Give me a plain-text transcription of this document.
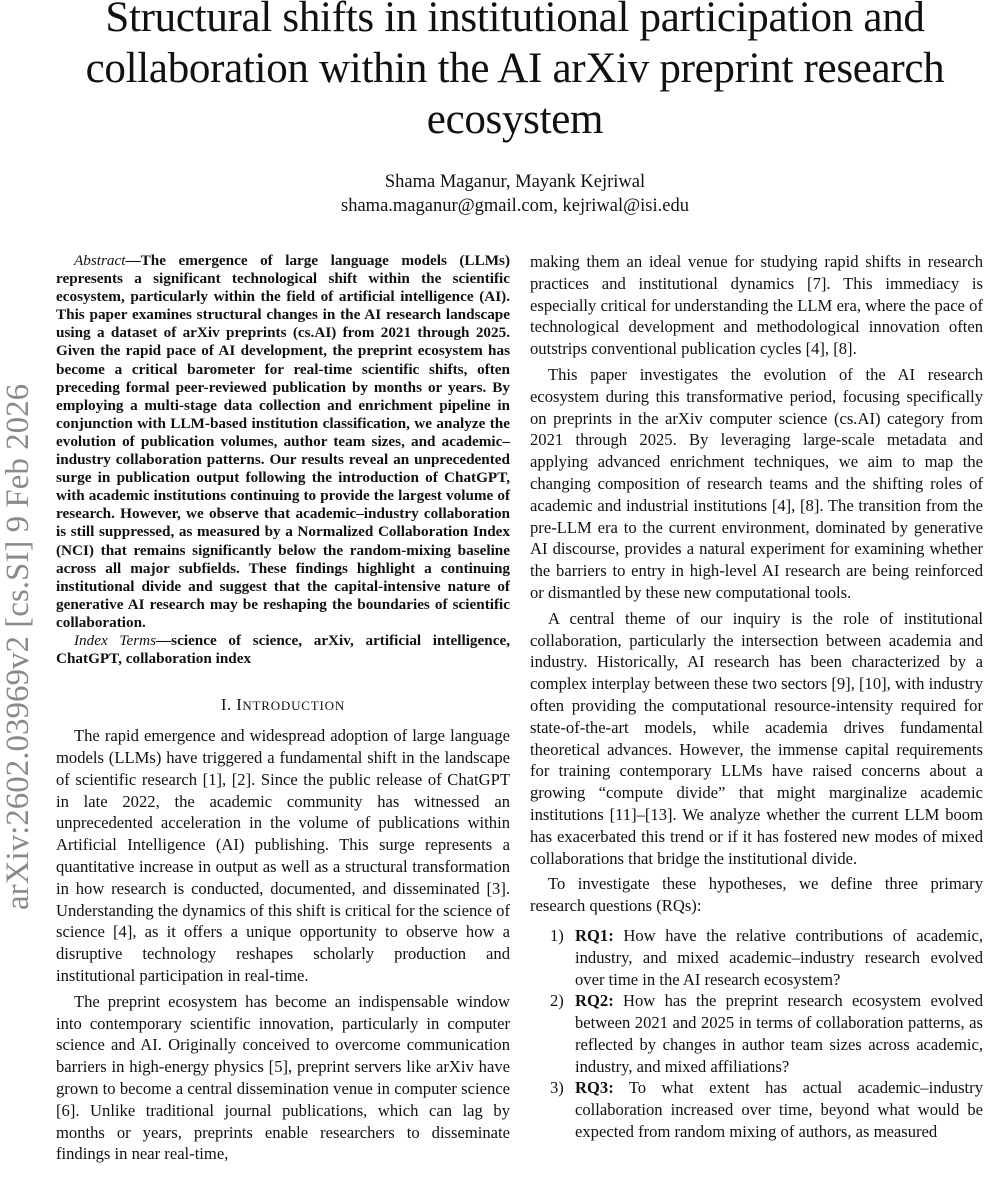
Structural shifts in institutional participation and collaboration within the AI arXiv preprint research ecosystem
Shama Maganur, Mayank Kejriwal
shama.maganur@gmail.com, kejriwal@isi.edu
arXiv:2602.03969v2 [cs.SI] 9 Feb 2026

Abstract—The emergence of large language models (LLMs) represents a significant technological shift within the scientific ecosystem, particularly within the field of artificial intelligence (AI). This paper examines structural changes in the AI research landscape using a dataset of arXiv preprints (cs.AI) from 2021 through 2025. Given the rapid pace of AI development, the preprint ecosystem has become a critical barometer for real-time scientific shifts, often preceding formal peer-reviewed publication by months or years. By employing a multi-stage data collection and enrichment pipeline in conjunction with LLM-based institution classification, we analyze the evolution of publication volumes, author team sizes, and academic–industry collaboration patterns. Our results reveal an unprecedented surge in publication output following the introduction of ChatGPT, with academic institutions continuing to provide the largest volume of research. However, we observe that academic–industry collaboration is still suppressed, as measured by a Normalized Collaboration Index (NCI) that remains significantly below the random-mixing baseline across all major subfields. These findings highlight a continuing institutional divide and suggest that the capital-intensive nature of generative AI research may be reshaping the boundaries of scientific collaboration.

Index Terms—science of science, arXiv, artificial intelligence, ChatGPT, collaboration index

I. INTRODUCTION

The rapid emergence and widespread adoption of large language models (LLMs) have triggered a fundamental shift in the landscape of scientific research [1], [2]. Since the public release of ChatGPT in late 2022, the academic community has witnessed an unprecedented acceleration in the volume of publications within Artificial Intelligence (AI) publishing. This surge represents a quantitative increase in output as well as a structural transformation in how research is conducted, documented, and disseminated [3]. Understanding the dynamics of this shift is critical for the science of science [4], as it offers a unique opportunity to observe how a disruptive technology reshapes scholarly production and institutional participation in real-time.

The preprint ecosystem has become an indispensable window into contemporary scientific innovation, particularly in computer science and AI. Originally conceived to overcome communication barriers in high-energy physics [5], preprint servers like arXiv have grown to become a central dissemination venue in computer science [6]. Unlike traditional journal publications, which can lag by months or years, preprints enable researchers to disseminate findings in near real-time,

making them an ideal venue for studying rapid shifts in research practices and institutional dynamics [7]. This immediacy is especially critical for understanding the LLM era, where the pace of technological development and methodological innovation often outstrips conventional publication cycles [4], [8].

This paper investigates the evolution of the AI research ecosystem during this transformative period, focusing specifically on preprints in the arXiv computer science (cs.AI) category from 2021 through 2025. By leveraging large-scale metadata and applying advanced enrichment techniques, we aim to map the changing composition of research teams and the shifting roles of academic and industrial institutions [4], [8]. The transition from the pre-LLM era to the current environment, dominated by generative AI discourse, provides a natural experiment for examining whether the barriers to entry in high-level AI research are being reinforced or dismantled by these new computational tools.

A central theme of our inquiry is the role of institutional collaboration, particularly the intersection between academia and industry. Historically, AI research has been characterized by a complex interplay between these two sectors [9], [10], with industry often providing the computational resource-intensity required for state-of-the-art models, while academia drives fundamental theoretical advances. However, the immense capital requirements for training contemporary LLMs have raised concerns about a growing “compute divide” that might marginalize academic institutions [11]–[13]. We analyze whether the current LLM boom has exacerbated this trend or if it has fostered new modes of mixed collaborations that bridge the institutional divide.

To investigate these hypotheses, we define three primary research questions (RQs):

1) RQ1: How have the relative contributions of academic, industry, and mixed academic–industry research evolved over time in the AI research ecosystem?
2) RQ2: How has the preprint research ecosystem evolved between 2021 and 2025 in terms of collaboration patterns, as reflected by changes in author team sizes across academic, industry, and mixed affiliations?
3) RQ3: To what extent has actual academic–industry collaboration increased over time, beyond what would be expected from random mixing of authors, as measured
